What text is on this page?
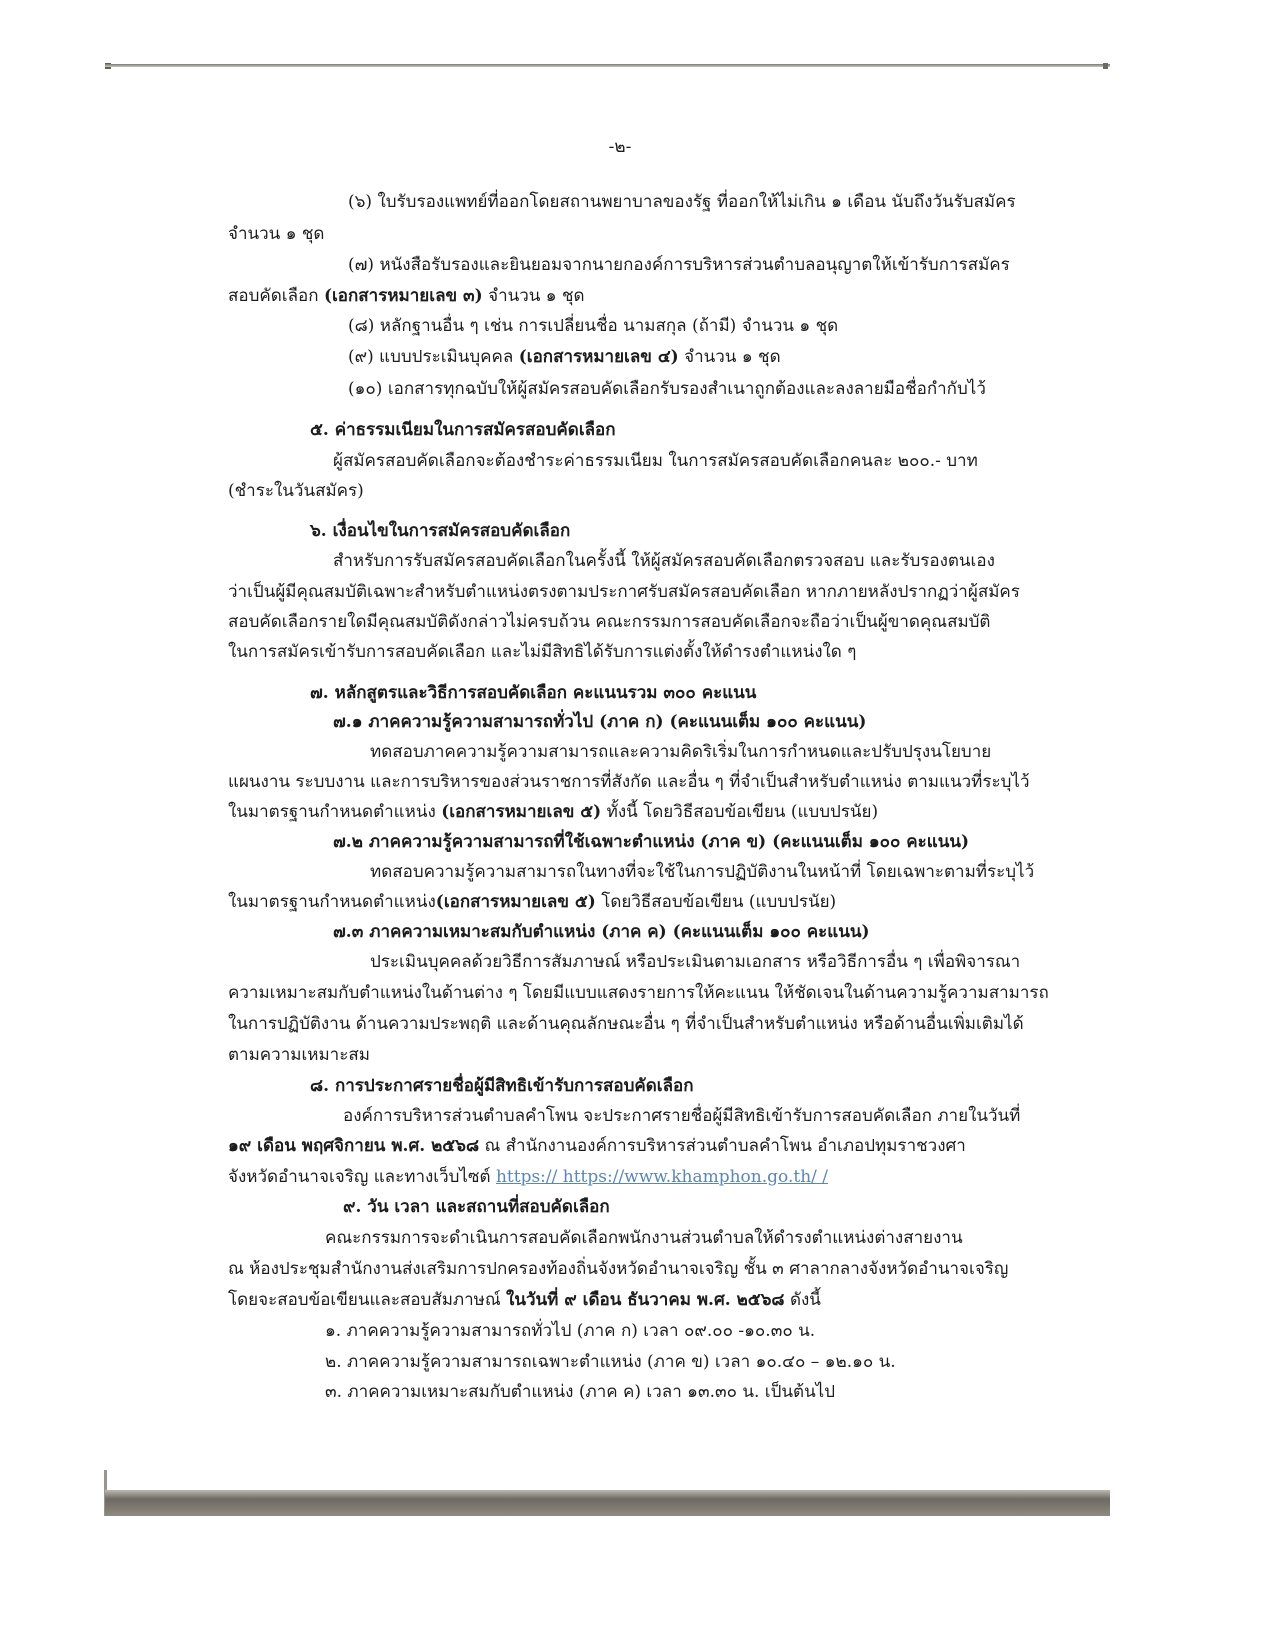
-๒-
(๖) ใบรับรองแพทย์ที่ออกโดยสถานพยาบาลของรัฐ ที่ออกให้ไม่เกิน ๑ เดือน นับถึงวันรับสมัคร
จำนวน ๑ ชุด
(๗) หนังสือรับรองและยินยอมจากนายกองค์การบริหารส่วนตำบลอนุญาตให้เข้ารับการสมัคร
สอบคัดเลือก (เอกสารหมายเลข ๓) จำนวน ๑ ชุด
(๘) หลักฐานอื่น ๆ เช่น การเปลี่ยนชื่อ นามสกุล (ถ้ามี) จำนวน ๑ ชุด
(๙) แบบประเมินบุคคล (เอกสารหมายเลข ๔) จำนวน ๑ ชุด
(๑๐) เอกสารทุกฉบับให้ผู้สมัครสอบคัดเลือกรับรองสำเนาถูกต้องและลงลายมือชื่อกำกับไว้
๕. ค่าธรรมเนียมในการสมัครสอบคัดเลือก
ผู้สมัครสอบคัดเลือกจะต้องชำระค่าธรรมเนียม ในการสมัครสอบคัดเลือกคนละ ๒๐๐.- บาท
(ชำระในวันสมัคร)
๖. เงื่อนไขในการสมัครสอบคัดเลือก
สำหรับการรับสมัครสอบคัดเลือกในครั้งนี้ ให้ผู้สมัครสอบคัดเลือกตรวจสอบ และรับรองตนเอง
ว่าเป็นผู้มีคุณสมบัติเฉพาะสำหรับตำแหน่งตรงตามประกาศรับสมัครสอบคัดเลือก หากภายหลังปรากฏว่าผู้สมัคร
สอบคัดเลือกรายใดมีคุณสมบัติดังกล่าวไม่ครบถ้วน คณะกรรมการสอบคัดเลือกจะถือว่าเป็นผู้ขาดคุณสมบัติ
ในการสมัครเข้ารับการสอบคัดเลือก และไม่มีสิทธิได้รับการแต่งตั้งให้ดำรงตำแหน่งใด ๆ
๗. หลักสูตรและวิธีการสอบคัดเลือก คะแนนรวม ๓๐๐ คะแนน
๗.๑ ภาคความรู้ความสามารถทั่วไป (ภาค ก) (คะแนนเต็ม ๑๐๐ คะแนน)
ทดสอบภาคความรู้ความสามารถและความคิดริเริ่มในการกำหนดและปรับปรุงนโยบาย
แผนงาน ระบบงาน และการบริหารของส่วนราชการที่สังกัด และอื่น ๆ ที่จำเป็นสำหรับตำแหน่ง ตามแนวที่ระบุไว้
ในมาตรฐานกำหนดตำแหน่ง (เอกสารหมายเลข ๕) ทั้งนี้ โดยวิธีสอบข้อเขียน (แบบปรนัย)
๗.๒ ภาคความรู้ความสามารถที่ใช้เฉพาะตำแหน่ง (ภาค ข) (คะแนนเต็ม ๑๐๐ คะแนน)
ทดสอบความรู้ความสามารถในทางที่จะใช้ในการปฏิบัติงานในหน้าที่ โดยเฉพาะตามที่ระบุไว้
ในมาตรฐานกำหนดตำแหน่ง(เอกสารหมายเลข ๕) โดยวิธีสอบข้อเขียน (แบบปรนัย)
๗.๓ ภาคความเหมาะสมกับตำแหน่ง (ภาค ค) (คะแนนเต็ม ๑๐๐ คะแนน)
ประเมินบุคคลด้วยวิธีการสัมภาษณ์ หรือประเมินตามเอกสาร หรือวิธีการอื่น ๆ เพื่อพิจารณา
ความเหมาะสมกับตำแหน่งในด้านต่าง ๆ โดยมีแบบแสดงรายการให้คะแนน ให้ชัดเจนในด้านความรู้ความสามารถ
ในการปฏิบัติงาน ด้านความประพฤติ และด้านคุณลักษณะอื่น ๆ ที่จำเป็นสำหรับตำแหน่ง หรือด้านอื่นเพิ่มเติมได้
ตามความเหมาะสม
๘. การประกาศรายชื่อผู้มีสิทธิเข้ารับการสอบคัดเลือก
องค์การบริหารส่วนตำบลคำโพน จะประกาศรายชื่อผู้มีสิทธิเข้ารับการสอบคัดเลือก ภายในวันที่
๑๙ เดือน พฤศจิกายน พ.ศ. ๒๕๖๘ ณ สำนักงานองค์การบริหารส่วนตำบลคำโพน อำเภอปทุมราชวงศา
จังหวัดอำนาจเจริญ และทางเว็บไซต์ https:// https://www.khamphon.go.th/ /
๙. วัน เวลา และสถานที่สอบคัดเลือก
คณะกรรมการจะดำเนินการสอบคัดเลือกพนักงานส่วนตำบลให้ดำรงตำแหน่งต่างสายงาน
ณ ห้องประชุมสำนักงานส่งเสริมการปกครองท้องถิ่นจังหวัดอำนาจเจริญ ชั้น ๓ ศาลากลางจังหวัดอำนาจเจริญ
โดยจะสอบข้อเขียนและสอบสัมภาษณ์ ในวันที่ ๙ เดือน ธันวาคม พ.ศ. ๒๕๖๘ ดังนี้
๑. ภาคความรู้ความสามารถทั่วไป (ภาค ก) เวลา ๐๙.๐๐ -๑๐.๓๐ น.
๒. ภาคความรู้ความสามารถเฉพาะตำแหน่ง (ภาค ข) เวลา ๑๐.๔๐ – ๑๒.๑๐ น.
๓. ภาคความเหมาะสมกับตำแหน่ง (ภาค ค) เวลา ๑๓.๓๐ น. เป็นต้นไป
